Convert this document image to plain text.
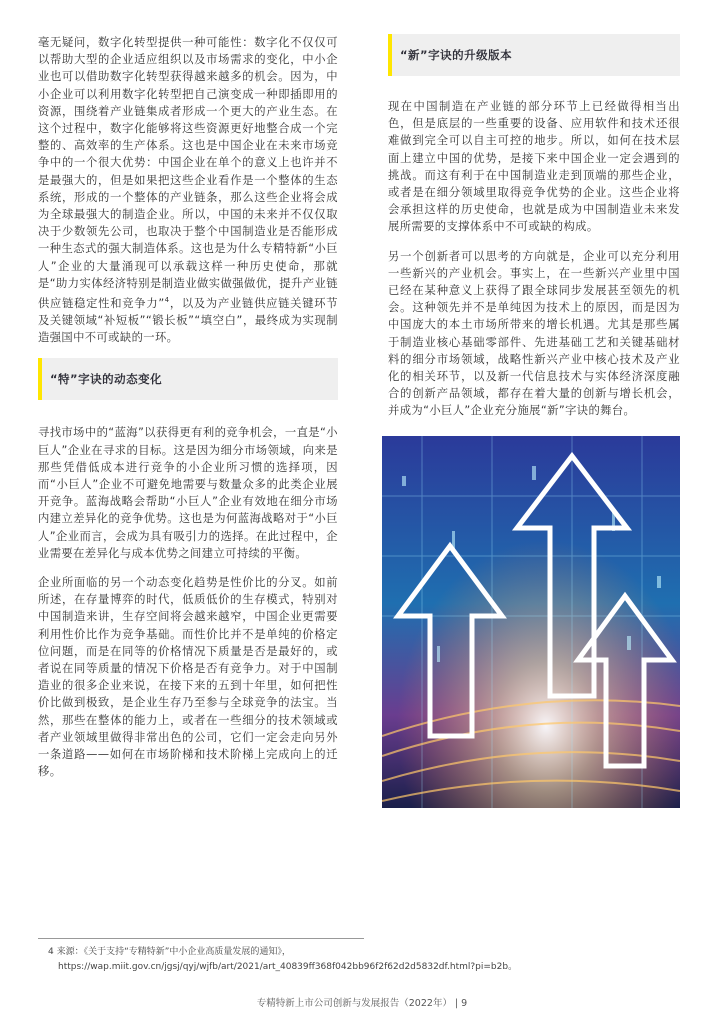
毫无疑问，数字化转型提供一种可能性：数字化不仅仅可以帮助大型的企业适应组织以及市场需求的变化，中小企业也可以借助数字化转型获得越来越多的机会。因为，中小企业可以利用数字化转型把自己演变成一种即插即用的资源，围绕着产业链集成者形成一个更大的产业生态。在这个过程中，数字化能够将这些资源更好地整合成一个完整的、高效率的生产体系。这也是中国企业在未来市场竞争中的一个很大优势：中国企业在单个的意义上也许并不是最强大的，但是如果把这些企业看作是一个整体的生态系统，形成的一个整体的产业链条，那么这些企业将会成为全球最强大的制造企业。所以，中国的未来并不仅仅取决于少数领先公司，也取决于整个中国制造业是否能形成一种生态式的强大制造体系。这也是为什么专精特新“小巨人”企业的大量涌现可以承载这样一种历史使命，那就是“助力实体经济特别是制造业做实做强做优，提升产业链供应链稳定性和竞争力”$^4$，以及为产业链供应链关键环节及关键领域“补短板”“锻长板”“填空白”，最终成为实现制造强国中不可或缺的一环。

“特”字诀的动态变化

寻找市场中的“蓝海”以获得更有利的竞争机会，一直是“小巨人”企业在寻求的目标。这是因为细分市场领域，向来是那些凭借低成本进行竞争的小企业所习惯的选择项，因而“小巨人”企业不可避免地需要与数量众多的此类企业展开竞争。蓝海战略会帮助“小巨人”企业有效地在细分市场内建立差异化的竞争优势。这也是为何蓝海战略对于“小巨人”企业而言，会成为具有吸引力的选择。在此过程中，企业需要在差异化与成本优势之间建立可持续的平衡。

企业所面临的另一个动态变化趋势是性价比的分叉。如前所述，在存量博弈的时代，低质低价的生存模式，特别对中国制造来讲，生存空间将会越来越窄，中国企业更需要利用性价比作为竞争基础。而性价比并不是单纯的价格定位问题，而是在同等的价格情况下质量是否是最好的，或者说在同等质量的情况下价格是否有竞争力。对于中国制造业的很多企业来说，在接下来的五到十年里，如何把性价比做到极致，是企业生存乃至参与全球竞争的法宝。当然，那些在整体的能力上，或者在一些细分的技术领域或者产业领域里做得非常出色的公司，它们一定会走向另外一条道路——如何在市场阶梯和技术阶梯上完成向上的迁移。

“新”字诀的升级版本

现在中国制造在产业链的部分环节上已经做得相当出色，但是底层的一些重要的设备、应用软件和技术还很难做到完全可以自主可控的地步。所以，如何在技术层面上建立中国的优势，是接下来中国企业一定会遇到的挑战。而这有利于在中国制造业走到顶端的那些企业，或者是在细分领域里取得竞争优势的企业。这些企业将会承担这样的历史使命，也就是成为中国制造业未来发展所需要的支撑体系中不可或缺的构成。

另一个创新者可以思考的方向就是，企业可以充分利用一些新兴的产业机会。事实上，在一些新兴产业里中国已经在某种意义上获得了跟全球同步发展甚至领先的机会。这种领先并不是单纯因为技术上的原因，而是因为中国庞大的本土市场所带来的增长机遇。尤其是那些属于制造业核心基础零部件、先进基础工艺和关键基础材料的细分市场领域，战略性新兴产业中核心技术及产业化的相关环节，以及新一代信息技术与实体经济深度融合的创新产品领域，都存在着大量的创新与增长机会，并成为“小巨人”企业充分施展“新”字诀的舞台。

4 来源：《关于支持“专精特新”中小企业高质量发展的通知》，
https://wap.miit.gov.cn/jgsj/qyj/wjfb/art/2021/art_40839ff368f042bb96f2f62d2d5832df.html?pi=b2b。
专精特新上市公司创新与发展报告（2022年） | 9
